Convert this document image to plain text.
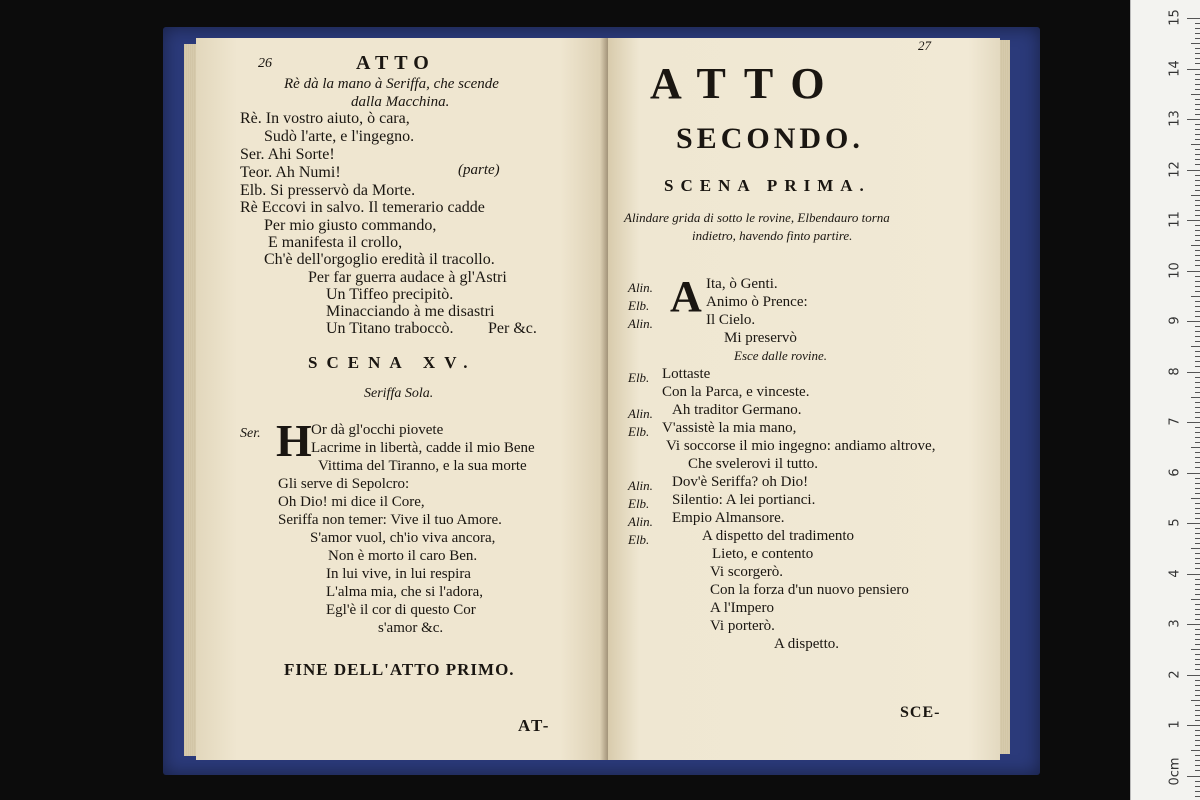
26	ATTO
Rè dà la mano à Seriffa, che scende
dalla Macchina.
Rè. In vostro aiuto, ò cara,
Sudò l'arte, e l'ingegno.
Ser. Ahi Sorte!
Teor. Ah Numi!	(parte)
Elb. Si presservò da Morte.
Rè Eccovi in salvo. Il temerario cadde
Per mio giusto commando,
E manifesta il crollo,
Ch'è dell'orgoglio eredità il tracollo.
Per far guerra audace à gl'Astri
Un Tiffeo precipitò.
Minacciando à me disastri
Un Titano traboccò. Per &c.
SCENA XV.
Seriffa Sola.
Ser. H Or dà gl'occhi piovete
Lacrime in libertà, cadde il mio Bene
Vittima del Tiranno, e la sua morte
Gli serve di Sepolcro:
Oh Dio! mi dice il Core,
Seriffa non temer: Vive il tuo Amore.
S'amor vuol, ch'io viva ancora,
Non è morto il caro Ben.
In lui vive, in lui respira
L'alma mia, che si l'adora,
Egl'è il cor di questo Cor
s'amor &c.
FINE DELL'ATTO PRIMO.
AT-
27
ATTO
SECONDO.
SCENA PRIMA.
Alindare grida di sotto le rovine, Elbendauro torna
indietro, havendo finto partire.
A
Alin.	Ita, ò Genti.
Elb.	Animo ò Prence:
Alin.	Il Cielo.
Mi preservò
Esce dalle rovine.
Elb. Lottaste
Con la Parca, e vinceste.
Alin. Ah traditor Germano.
Elb. V'assistè la mia mano,
Vi soccorse il mio ingegno: andiamo altrove,
Che svelerovi il tutto.
Alin. Dov'è Seriffa? oh Dio!
Elb. Silentio: A lei portianci.
Alin. Empio Almansore.
Elb.	A dispetto del tradimento
Lieto, e contento
Vi scorgerò.
Con la forza d'un nuovo pensiero
A l'Impero
Vi porterò.
A dispetto.
SCE-
15
14
13
12
11
10
9
8
7
6
5
4
3
2
1
0cm
